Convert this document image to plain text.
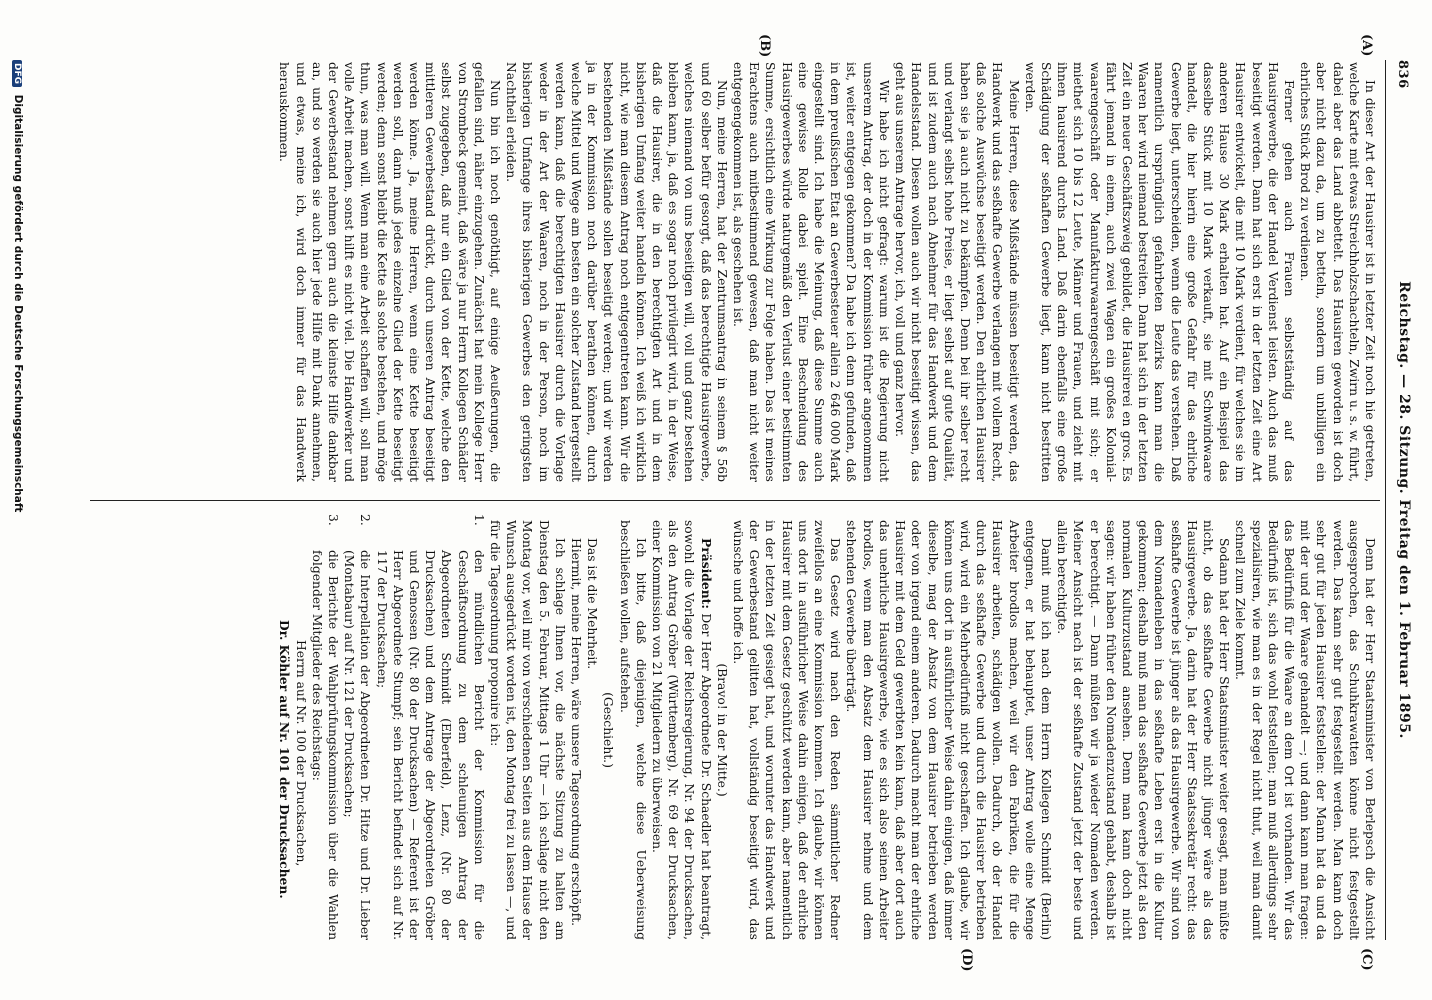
836
Reichstag. — 28. Sitzung. Freitag den 1. Februar 1895.
(A)
(B)
(C)
(D)

In dieser Art der Hausirer ist in letzter Zeit noch hie getreten, welche Karte mit etwas Streichholzschachteln, Zwirn u. s. w. führt, dabei aber das Land abbettelt. Das Hausiren geworden ist doch aber nicht dazu da, um zu betteln, sondern um unbilligen ein ehrliches Stück Brod zu verdienen.

Ferner gehen auch Frauen selbstständig auf das Hausirgewerbe, die der Handel Verdienst leisten. Auch das muß beseitigt werden. Dann hat sich erst in der letzten Zeit eine Art Hausirer entwickelt, die mit 10 Mark verdient, für welches sie im anderen Hause 30 Mark erhalten hat. Auf ein Beispiel das dasselbe Stück mit 10 Mark verkauft, sie mit Schwindwaare handelt, die hier hierin eine große Gefahr für das ehrliche Gewerbe liegt, unterscheiden, wenn die Leute das verstehen. Daß namentlich ursprünglich gefahrbeten Bezirks kann man die Waaren her wird niemand bestreiten. Dann hat sich in der letzten Zeit ein neuer Geschäftszweig gebildet, die Hausirerei en gros. Es fährt jemand in einem, auch zwei Wagen ein großes Kolonial-waarengeschäft oder Manufakturwaarengeschäft mit sich; er miethet sich 10 bis 12 Leute, Männer und Frauen, und zieht mit ihnen hausirend durchs Land. Daß darin ebenfalls eine große Schädigung der seßhaften Gewerbe liegt, kann nicht bestritten werden.

Meine Herren, diese Mißstände müssen beseitigt werden, das Handwerk und das seßhafte Gewerbe verlangen mit vollem Recht, daß solche Auswüchse beseitigt werden. Den ehrlichen Hausirer haben sie ja auch nicht zu bekämpfen. Denn bei ihr selber recht und verlangt selbst hohe Preise, er liegt selbst auf gute Qualität, und ist zudem auch nach Abnehmer für das Handwerk und dem Handelsstand. Diesen wollen auch wir nicht beseitigt wissen, das geht aus unserem Antrage hervor, ich, voll und ganz hervor.

Wir habe ich nicht gefragt: warum ist die Regierung nicht unserem Antrag, der doch in der Kommission früher angenommen ist, weiter entgegen gekommen? Da habe ich denn gefunden, daß in dem preußischen Etat an Gewerbesteuer allein 2 646 000 Mark eingestellt sind. Ich habe die Meinung, daß diese Summe auch eine gewisse Rolle dabei spielt. Eine Beschneidung des Hausirgewerbes würde naturgemäß den Verlust einer bestimmten Summe, ersichtlich eine Wirkung zur Folge haben. Das ist meines Erachtens auch mitbestimmend gewesen, daß man nicht weiter entgegengekommen ist, als geschehen ist.

Nun, meine Herren, hat der Zentrumsantrag in seinem § 56b und 60 selber befür gesorgt, daß das berechtigte Hausirgewerbe, welches niemand von uns beseitigen will, voll und ganz bestehen bleiben kann, ja, daß es sogar noch privilegirt wird, in der Weise, daß die Hausirer, die in den berechtigten Art und in dem bisherigen Umfang weiter handeln können. Ich weiß ich wirklich nicht, wie man diesem Antrag noch entgegentreten kann. Wir die bestehenden Mißstände sollen beseitigt werden; und wir werden ja in der Kommission noch darüber berathen können, durch welche Mittel und Wege am besten ein solcher Zustand hergestellt werden kann, daß die berechtigten Hausirer durch die Vorlage weder in der Art der Waaren, noch in der Person, noch im bisherigen Umfange ihres bisherigen Gewerbes den geringsten Nachtheil erleiden.

Nun bin ich noch genöthigt, auf einige Aeußerungen, die gefallen sind, näher einzugehen. Zunächst hat mein Kollege Herr von Strombeck gemeint, daß wäre ja nur Herrn Kollegen Schädler selbst zugegeben, daß nur ein Glied von der Kette, welche den mittleren Gewerbestand drückt, durch unseren Antrag beseitigt werden könne. Ja, meine Herren, wenn eine Kette beseitigt werden soll, dann muß jedes einzelne Glied der Kette beseitigt werden; denn sonst bleibt die Kette als solche bestehen, und möge thun, was man will. Wenn man eine Arbeit schaffen will, soll man volle Arbeit machen, sonst hilft es nicht viel. Die Handwerker und der Gewerbestand nehmen gern auch die kleinste Hilfe dankbar an, und so werden sie auch hier jede Hilfe mit Dank annehmen, und etwas, meine ich, wird doch immer für das Handwerk herauskommen.

Denn hat der Herr Staatsminister von Berlepsch die Ansicht ausgesprochen, das Schuhkrawatten könne nicht festgestellt werden. Das kann sehr gut festgestellt werden. Man kann doch sehr gut für jeden Hausirer feststellen: der Mann hat da und da mit der und der Waare gehandelt —; und dann kann man fragen: das Bedürfniß für die Waare an dem Ort ist vorhanden. Wir das Bedürfniß ist, sich das wohl feststellen; man muß allerdings sehr spezialisiren, wie man es in der Regel nicht thut, weil man damit schnell zum Ziele kommt.

Sodann hat der Herr Staatsminister weiter gesagt, man müßte nicht, ob das seßhafte Gewerbe nicht jünger wäre als das Hausirgewerbe. Ja, darin hat der Herr Staatssekretär recht: das seßhafte Gewerbe ist jünger als das Hausirgewerbe. Wir sind von dem Nomadenleben in das seßhafte Leben erst in die Kultur gekommen; deshalb muß man das seßhafte Gewerbe jetzt als den normalen Kulturzustand ansehen. Denn man kann doch nicht sagen: wir haben früher den Nomadenzustand gehabt, deshalb ist er berechtigt. — Dann müßten wir ja wieder Nomaden werden. Meiner Ansicht nach ist der seßhafte Zustand jetzt der beste und allein berechtigte.

Damit muß ich nach dem Herrn Kollegen Schmidt (Berlin) entgegnen, er hat behauptet, unser Antrag wolle eine Menge Arbeiter brodlos machen, weil wir den Fabriken, die für die Hausirer arbeiten, schädigen wollen. Dadurch, ob der Handel durch das seßhafte Gewerbe und durch die Hausirer betrieben wird, wird ein Mehrbedürfniß nicht geschaffen. Ich glaube, wir können uns dort in ausführlicher Weise dahin einigen, daß immer dieselbe, mag der Absatz von dem Hausirer betrieben werden oder von irgend einem anderen. Dadurch macht man der ehrliche Hausirer mit dem Geld gewerbten kein kann, daß aber dort auch das unehrliche Hausirgewerbe, wie es sich also seinen Arbeiter brodlos, wenn man den Absatz dem Hausirer nehme und dem stehenden Gewerbe überträgt.

Das Gesetz wird nach den Reden sämmtlicher Redner zweifellos an eine Kommission kommen. Ich glaube, wir können uns dort in ausführlicher Weise dahin einigen, daß der ehrliche Hausirer mit dem Gesetz geschützt werden kann, aber namentlich in der letzten Zeit gesiegt hat, und worunter das Handwerk und der Gewerbestand gelitten hat, vollständig beseitigt wird, das wünsche und hoffe ich.

(Bravo! in der Mitte.)

Präsident: Der Herr Abgeordnete Dr. Schaedler hat beantragt, sowohl die Vorlage der Reichsregierung, Nr. 94 der Drucksachen, als den Antrag Gröber (Württemberg), Nr. 69 der Drucksachen, einer Kommission von 21 Mitgliedern zu überweisen.

Ich bitte, daß diejenigen, welche diese Ueberweisung beschließen wollen, aufstehen.

(Geschieht.)

Das ist die Mehrheit.

Hiermit, meine Herren, wäre unsere Tagesordnung erschöpft.

Ich schlage Ihnen vor, die nächste Sitzung zu halten am Dienstag den 5. Februar, Mittags 1 Uhr — ich schlage nicht den Montag vor, weil mir von verschiedenen Seiten aus dem Hause der Wunsch ausgedrückt worden ist, den Montag frei zu lassen —, und für die Tagesordnung proponire ich:

1.den mündlichen Bericht der Kommission für die Geschäftsordnung zu dem schleunigen Antrag der Abgeordneten Schmidt (Elberfeld), Lenz, (Nr. 80 der Drucksachen) und dem Antrage der Abgeordneten Gröber und Genossen (Nr. 80 der Drucksachen) — Referent ist der Herr Abgeordnete Stumpf; sein Bericht befindet sich auf Nr. 117 der Drucksachen;

2.die Interpellation der Abgeordneten Dr. Hitze und Dr. Lieber (Montabaur) auf Nr. 121 der Drucksachen;

3.die Berichte der Wahlprüfungskommission über die Wahlen folgender Mitglieder des Reichstags:

Herrn auf Nr. 100 der Drucksachen,

Dr. Köhler auf Nr. 101 der Drucksachen.

DFG Digitalisierung gefördert durch die Deutsche Forschungsgemeinschaft
